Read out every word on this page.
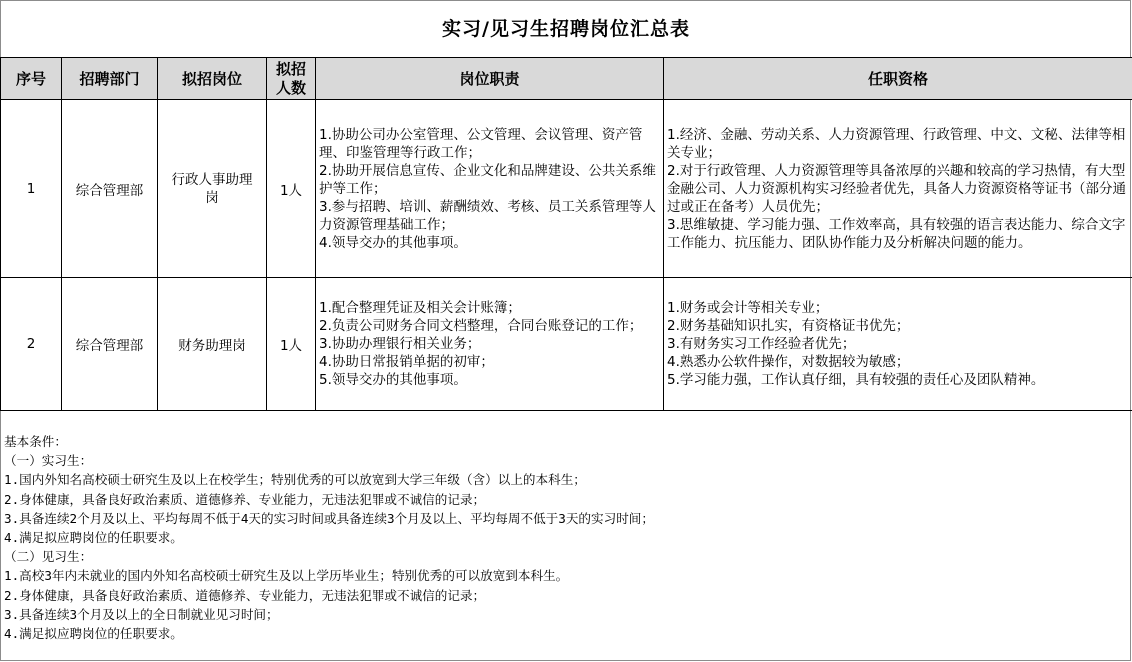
实习/见习生招聘岗位汇总表
序号	招聘部门	拟招岗位	拟招人数	岗位职责	任职资格
1	综合管理部	行政人事助理岗	1人	1.协助公司办公室管理、公文管理、会议管理、资产管理、印鉴管理等行政工作；
2.协助开展信息宣传、企业文化和品牌建设、公共关系维护等工作；
3.参与招聘、培训、薪酬绩效、考核、员工关系管理等人力资源管理基础工作；
4.领导交办的其他事项。	1.经济、金融、劳动关系、人力资源管理、行政管理、中文、文秘、法律等相关专业；
2.对于行政管理、人力资源管理等具备浓厚的兴趣和较高的学习热情，有大型金融公司、人力资源机构实习经验者优先，具备人力资源资格等证书（部分通过或正在备考）人员优先；
3.思维敏捷、学习能力强、工作效率高，具有较强的语言表达能力、综合文字工作能力、抗压能力、团队协作能力及分析解决问题的能力。

2	综合管理部	财务助理岗	1人	1.配合整理凭证及相关会计账簿；
2.负责公司财务合同文档整理，合同台账登记的工作；
3.协助办理银行相关业务；
4.协助日常报销单据的初审；
5.领导交办的其他事项。	1.财务或会计等相关专业；
2.财务基础知识扎实，有资格证书优先；
3.有财务实习工作经验者优先；
4.熟悉办公软件操作，对数据较为敏感；
5.学习能力强，工作认真仔细，具有较强的责任心及团队精神。
基本条件：
（一）实习生：
1.国内外知名高校硕士研究生及以上在校学生；特别优秀的可以放宽到大学三年级（含）以上的本科生；
2.身体健康，具备良好政治素质、道德修养、专业能力，无违法犯罪或不诚信的记录；
3.具备连续2个月及以上、平均每周不低于4天的实习时间或具备连续3个月及以上、平均每周不低于3天的实习时间；
4.满足拟应聘岗位的任职要求。
（二）见习生：
1.高校3年内未就业的国内外知名高校硕士研究生及以上学历毕业生；特别优秀的可以放宽到本科生。
2.身体健康，具备良好政治素质、道德修养、专业能力，无违法犯罪或不诚信的记录；
3.具备连续3个月及以上的全日制就业见习时间；
4.满足拟应聘岗位的任职要求。
